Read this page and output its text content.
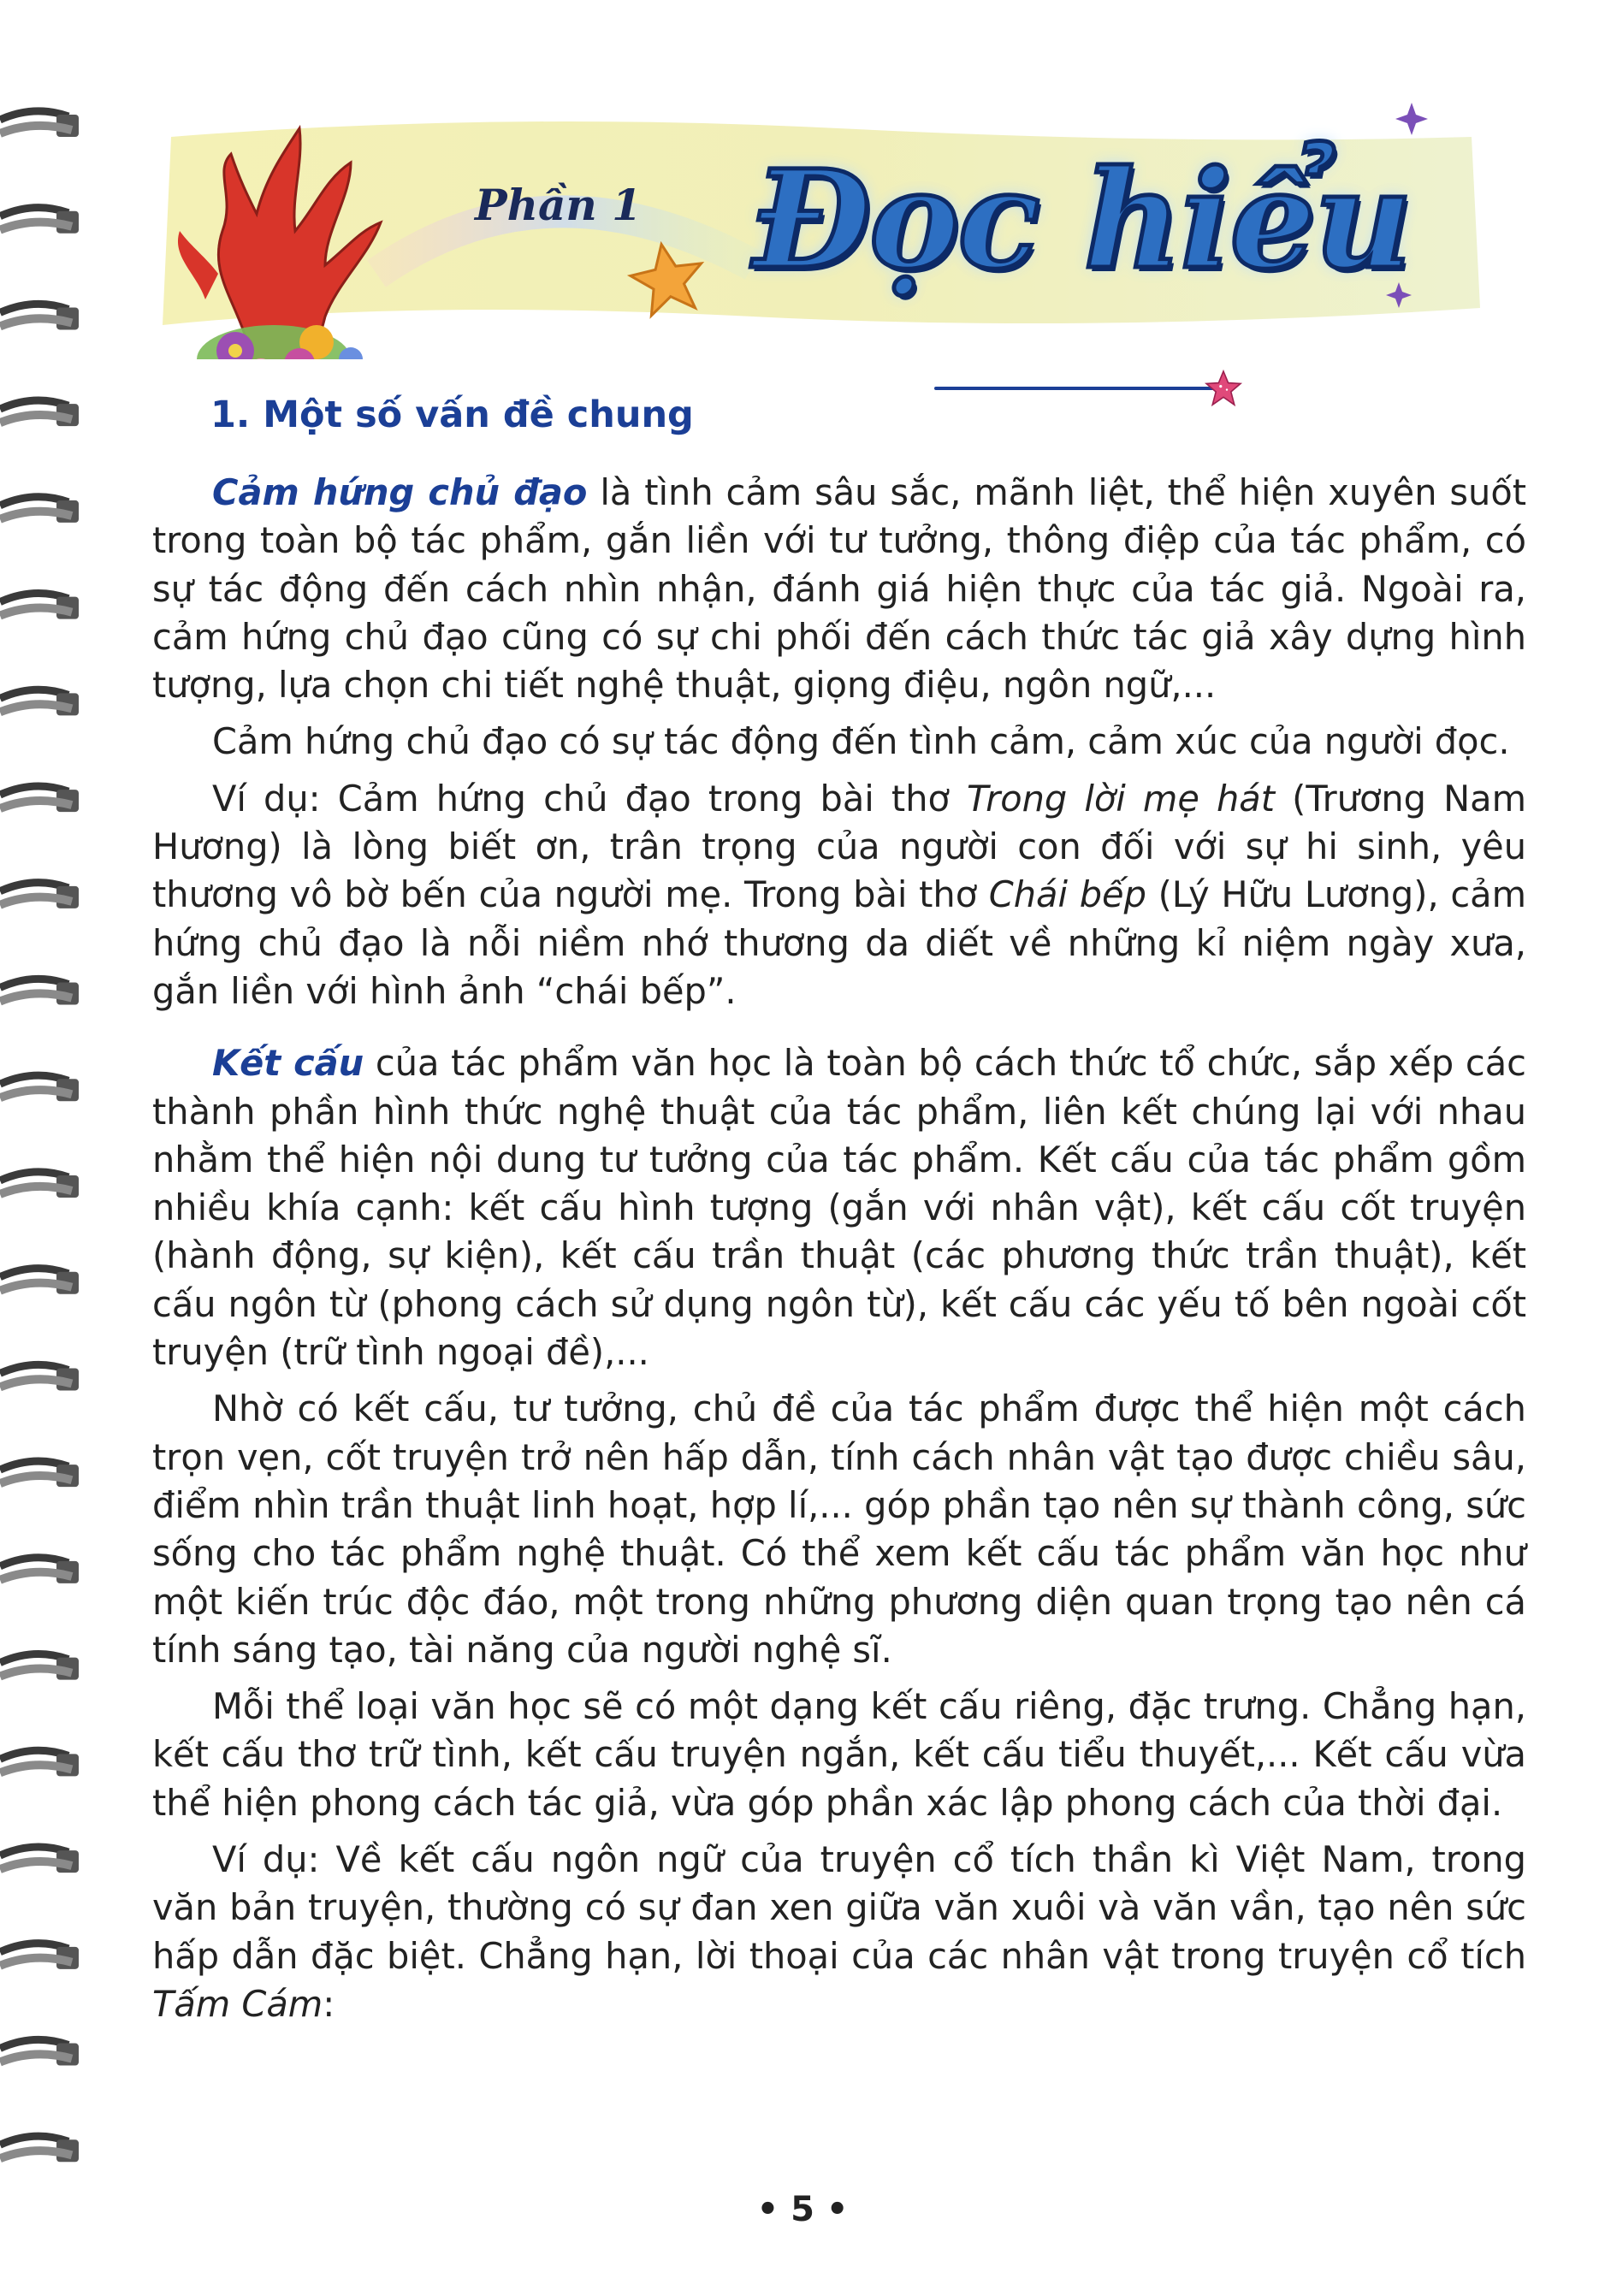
Phần 1 Đọc hiểu
1. Một số vấn đề chung

Cảm hứng chủ đạo là tình cảm sâu sắc, mãnh liệt, thể hiện xuyên suốt trong toàn bộ tác phẩm, gắn liền với tư tưởng, thông điệp của tác phẩm, có sự tác động đến cách nhìn nhận, đánh giá hiện thực của tác giả. Ngoài ra, cảm hứng chủ đạo cũng có sự chi phối đến cách thức tác giả xây dựng hình tượng, lựa chọn chi tiết nghệ thuật, giọng điệu, ngôn ngữ,...

Cảm hứng chủ đạo có sự tác động đến tình cảm, cảm xúc của người đọc.

Ví dụ: Cảm hứng chủ đạo trong bài thơ Trong lời mẹ hát (Trương Nam Hương) là lòng biết ơn, trân trọng của người con đối với sự hi sinh, yêu thương vô bờ bến của người mẹ. Trong bài thơ Chái bếp (Lý Hữu Lương), cảm hứng chủ đạo là nỗi niềm nhớ thương da diết về những kỉ niệm ngày xưa, gắn liền với hình ảnh “chái bếp”.

Kết cấu của tác phẩm văn học là toàn bộ cách thức tổ chức, sắp xếp các thành phần hình thức nghệ thuật của tác phẩm, liên kết chúng lại với nhau nhằm thể hiện nội dung tư tưởng của tác phẩm. Kết cấu của tác phẩm gồm nhiều khía cạnh: kết cấu hình tượng (gắn với nhân vật), kết cấu cốt truyện (hành động, sự kiện), kết cấu trần thuật (các phương thức trần thuật), kết cấu ngôn từ (phong cách sử dụng ngôn từ), kết cấu các yếu tố bên ngoài cốt truyện (trữ tình ngoại đề),...

Nhờ có kết cấu, tư tưởng, chủ đề của tác phẩm được thể hiện một cách trọn vẹn, cốt truyện trở nên hấp dẫn, tính cách nhân vật tạo được chiều sâu, điểm nhìn trần thuật linh hoạt, hợp lí,... góp phần tạo nên sự thành công, sức sống cho tác phẩm nghệ thuật. Có thể xem kết cấu tác phẩm văn học như một kiến trúc độc đáo, một trong những phương diện quan trọng tạo nên cá tính sáng tạo, tài năng của người nghệ sĩ.

Mỗi thể loại văn học sẽ có một dạng kết cấu riêng, đặc trưng. Chẳng hạn, kết cấu thơ trữ tình, kết cấu truyện ngắn, kết cấu tiểu thuyết,... Kết cấu vừa thể hiện phong cách tác giả, vừa góp phần xác lập phong cách của thời đại.

Ví dụ: Về kết cấu ngôn ngữ của truyện cổ tích thần kì Việt Nam, trong văn bản truyện, thường có sự đan xen giữa văn xuôi và văn vần, tạo nên sức hấp dẫn đặc biệt. Chẳng hạn, lời thoại của các nhân vật trong truyện cổ tích Tấm Cám:

• 5 •
